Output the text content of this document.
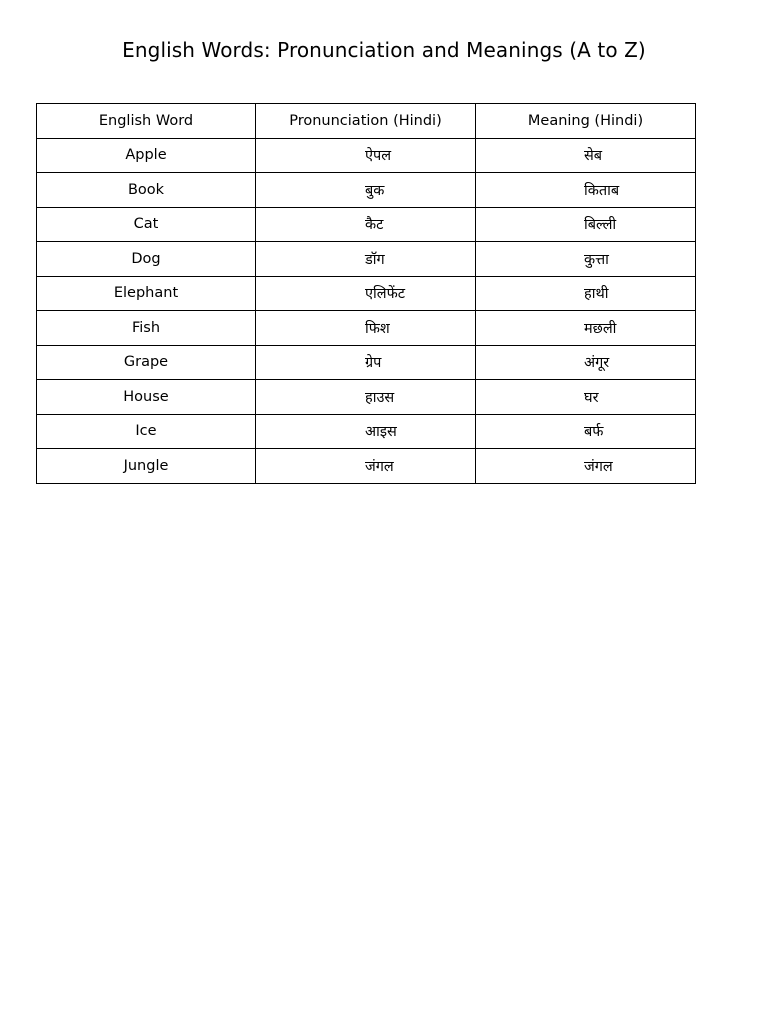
English Words: Pronunciation and Meanings (A to Z)
English Word	Pronunciation (Hindi)	Meaning (Hindi)
Apple	ऐपल	सेब
Book	बुक	किताब
Cat	कैट	बिल्ली
Dog	डॉग	कुत्ता
Elephant	एलिफेंट	हाथी
Fish	फिश	मछली
Grape	ग्रेप	अंगूर
House	हाउस	घर
Ice	आइस	बर्फ
Jungle	जंगल	जंगल
